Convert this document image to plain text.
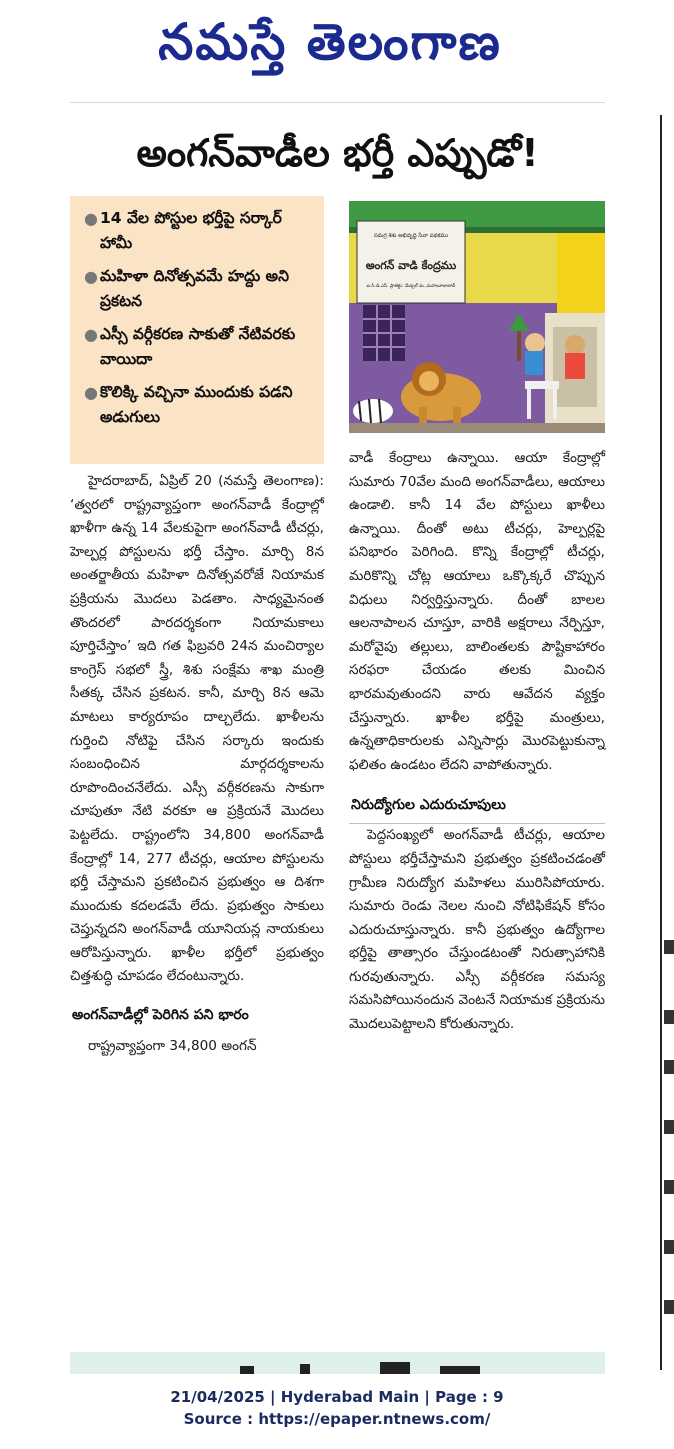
నమస్తే తెలంగాణ
అంగన్‌వాడీల భర్తీ ఎప్పుడో!
● 14 వేల పోస్టుల భర్తీపై సర్కార్ హామీ
● మహిళా దినోత్సవమే హద్దు అని ప్రకటన
● ఎస్సీ వర్గీకరణ సాకుతో నేటివరకు వాయిదా
● కొలిక్కి వచ్చినా ముందుకు పడని అడుగులు
సమగ్ర శిశు అభివృద్ధి సేవా పథకము
అంగన్ వాడి కేంద్రము
ఐ.సి.డి.ఎస్. ప్రాజెక్టు: మేడ్చల్ మ.,మహబూబాబాద్

హైదరాబాద్, ఏప్రిల్ 20 (నమస్తే తెలంగాణ): ‘త్వరలో రాష్ట్రవ్యాప్తంగా అంగన్‌వాడీ కేంద్రాల్లో ఖాళీగా ఉన్న 14 వేలకుపైగా అంగన్‌వాడీ టీచర్లు, హెల్పర్ల పోస్టులను భర్తీ చేస్తాం. మార్చి 8న అంతర్జాతీయ మహిళా దినోత్సవరోజే నియామక ప్రక్రియను మొదలు పెడతాం. సాధ్యమైనంత తొందరలో పారదర్శకంగా నియామకాలు పూర్తిచేస్తాం’ ఇది గత ఫిబ్రవరి 24న మంచిర్యాల కాంగ్రెస్ సభలో స్త్రీ, శిశు సంక్షేమ శాఖ మంత్రి సీతక్క చేసిన ప్రకటన. కానీ, మార్చి 8న ఆమె మాటలు కార్యరూపం దాల్చలేదు. ఖాళీలను గుర్తించి నోటిఫై చేసిన సర్కారు ఇందుకు సంబంధించిన మార్గదర్శకాలను రూపొందించనేలేదు. ఎస్సీ వర్గీకరణను సాకుగా చూపుతూ నేటి వరకూ ఆ ప్రక్రియనే మొదలు పెట్టలేదు. రాష్ట్రంలోని 34,800 అంగన్‌వాడీ కేంద్రాల్లో 14, 277 టీచర్లు, ఆయాల పోస్టులను భర్తీ చేస్తామని ప్రకటించిన ప్రభుత్వం ఆ దిశగా ముందుకు కదలడమే లేదు. ప్రభుత్వం సాకులు చెప్తున్నదని అంగన్‌వాడీ యూనియన్ల నాయకులు ఆరోపిస్తున్నారు. ఖాళీల భర్తీలో ప్రభుత్వం చిత్తశుద్ధి చూపడం లేదంటున్నారు.

అంగన్‌వాడీల్లో పెరిగిన పని భారం

రాష్ట్రవ్యాప్తంగా 34,800 అంగన్

వాడీ కేంద్రాలు ఉన్నాయి. ఆయా కేంద్రాల్లో సుమారు 70వేల మంది అంగన్‌వాడీలు, ఆయాలు ఉండాలి. కానీ 14 వేల పోస్టులు ఖాళీలు ఉన్నాయి. దీంతో అటు టీచర్లు, హెల్పర్లపై పనిభారం పెరిగింది. కొన్ని కేంద్రాల్లో టీచర్లు, మరికొన్ని చోట్ల ఆయాలు ఒక్కొక్కరే చొప్పున విధులు నిర్వర్తిస్తున్నారు. దీంతో బాలల ఆలనాపాలన చూస్తూ, వారికి అక్షరాలు నేర్పిస్తూ, మరోవైపు తల్లులు, బాలింతలకు పౌష్టికాహారం సరఫరా చేయడం తలకు మించిన భారమవుతుందని వారు ఆవేదన వ్యక్తం చేస్తున్నారు. ఖాళీల భర్తీపై మంత్రులు, ఉన్నతాధికారులకు ఎన్నిసార్లు మొరపెట్టుకున్నా ఫలితం ఉండటం లేదని వాపోతున్నారు.

నిరుద్యోగుల ఎదురుచూపులు

పెద్దసంఖ్యలో అంగన్‌వాడీ టీచర్లు, ఆయాల పోస్టులు భర్తీచేస్తామని ప్రభుత్వం ప్రకటించడంతో గ్రామీణ నిరుద్యోగ మహిళలు మురిసిపోయారు. సుమారు రెండు నెలల నుంచి నోటిఫికేషన్ కోసం ఎదురుచూస్తున్నారు. కానీ ప్రభుత్వం ఉద్యోగాల భర్తీపై తాత్సారం చేస్తుండటంతో నిరుత్సాహానికి గురవుతున్నారు. ఎస్సీ వర్గీకరణ సమస్య సమసిపోయినందున వెంటనే నియామక ప్రక్రియను మొదలుపెట్టాలని కోరుతున్నారు.

21/04/2025 | Hyderabad Main | Page : 9
Source : https://epaper.ntnews.com/
